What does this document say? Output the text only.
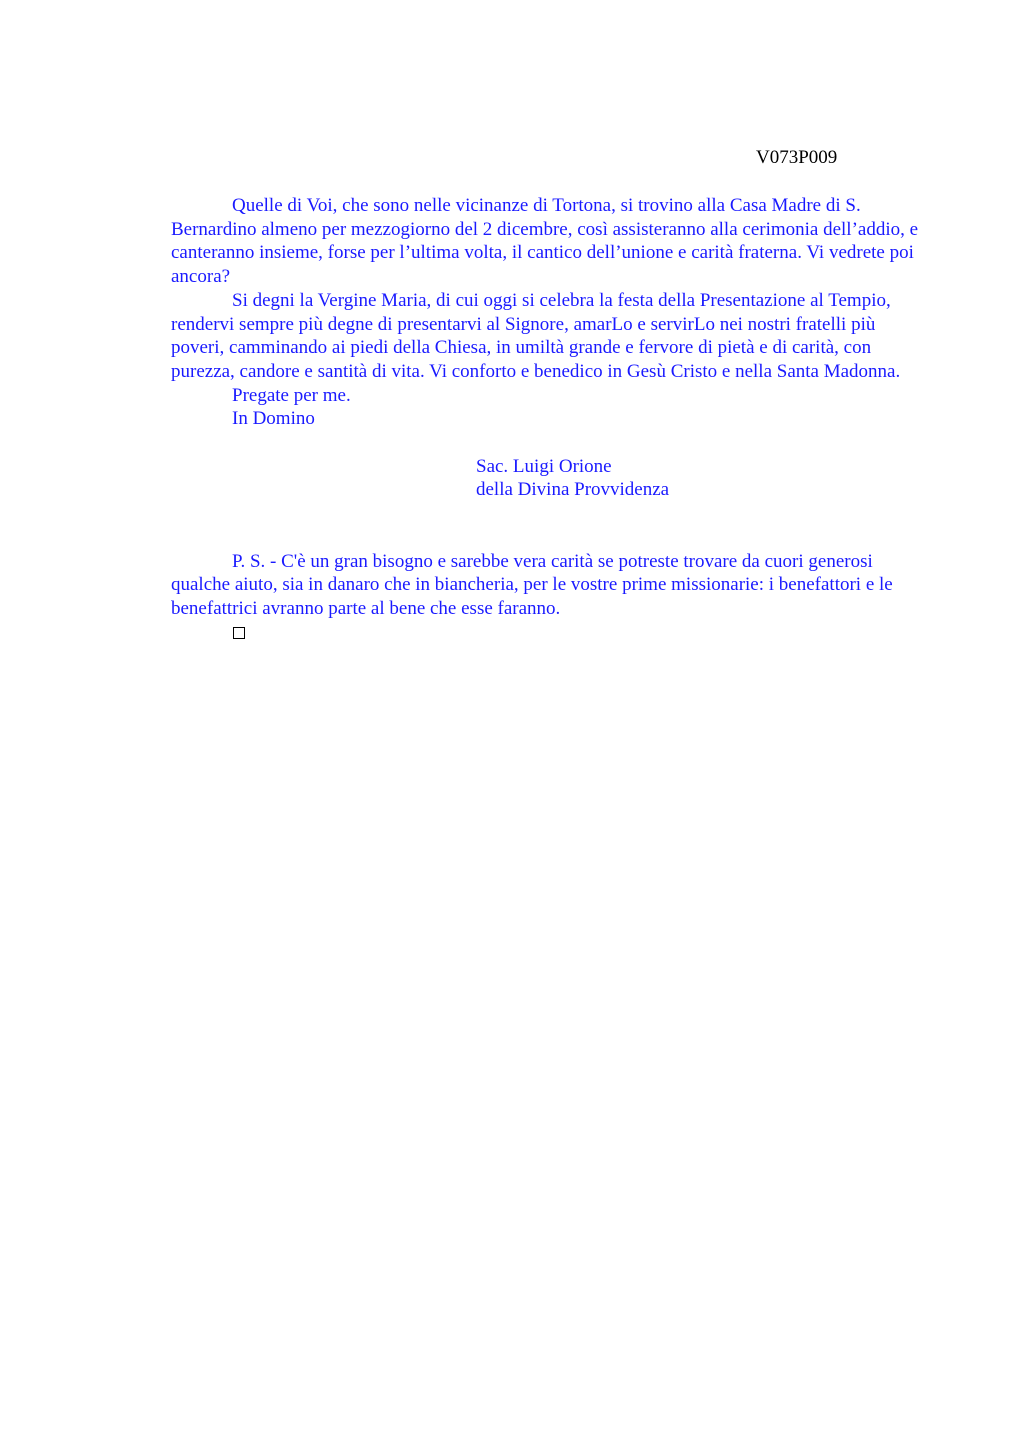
V073P009

Quelle di Voi, che sono nelle vicinanze di Tortona, si trovino alla Casa Madre di S. Bernardino almeno per mezzogiorno del 2 dicembre, così assisteranno alla cerimonia dell’addio, e canteranno insieme, forse per l’ultima volta, il cantico dell’unione e carità fraterna. Vi vedrete poi ancora?

Si degni la Vergine Maria, di cui oggi si celebra la festa della Presentazione al Tempio, rendervi sempre più degne di presentarvi al Signore, amarLo e servirLo nei nostri fratelli più poveri, camminando ai piedi della Chiesa, in umiltà grande e fervore di pietà e di carità, con purezza, candore e santità di vita. Vi conforto e benedico in Gesù Cristo e nella Santa Madonna.

Pregate per me.

In Domino

Sac. Luigi Orione
della Divina Provvidenza

P. S. - C'è un gran bisogno e sarebbe vera carità se potreste trovare da cuori generosi qualche aiuto, sia in danaro che in biancheria, per le vostre prime missionarie: i benefattori e le benefattrici avranno parte al bene che esse faranno.
